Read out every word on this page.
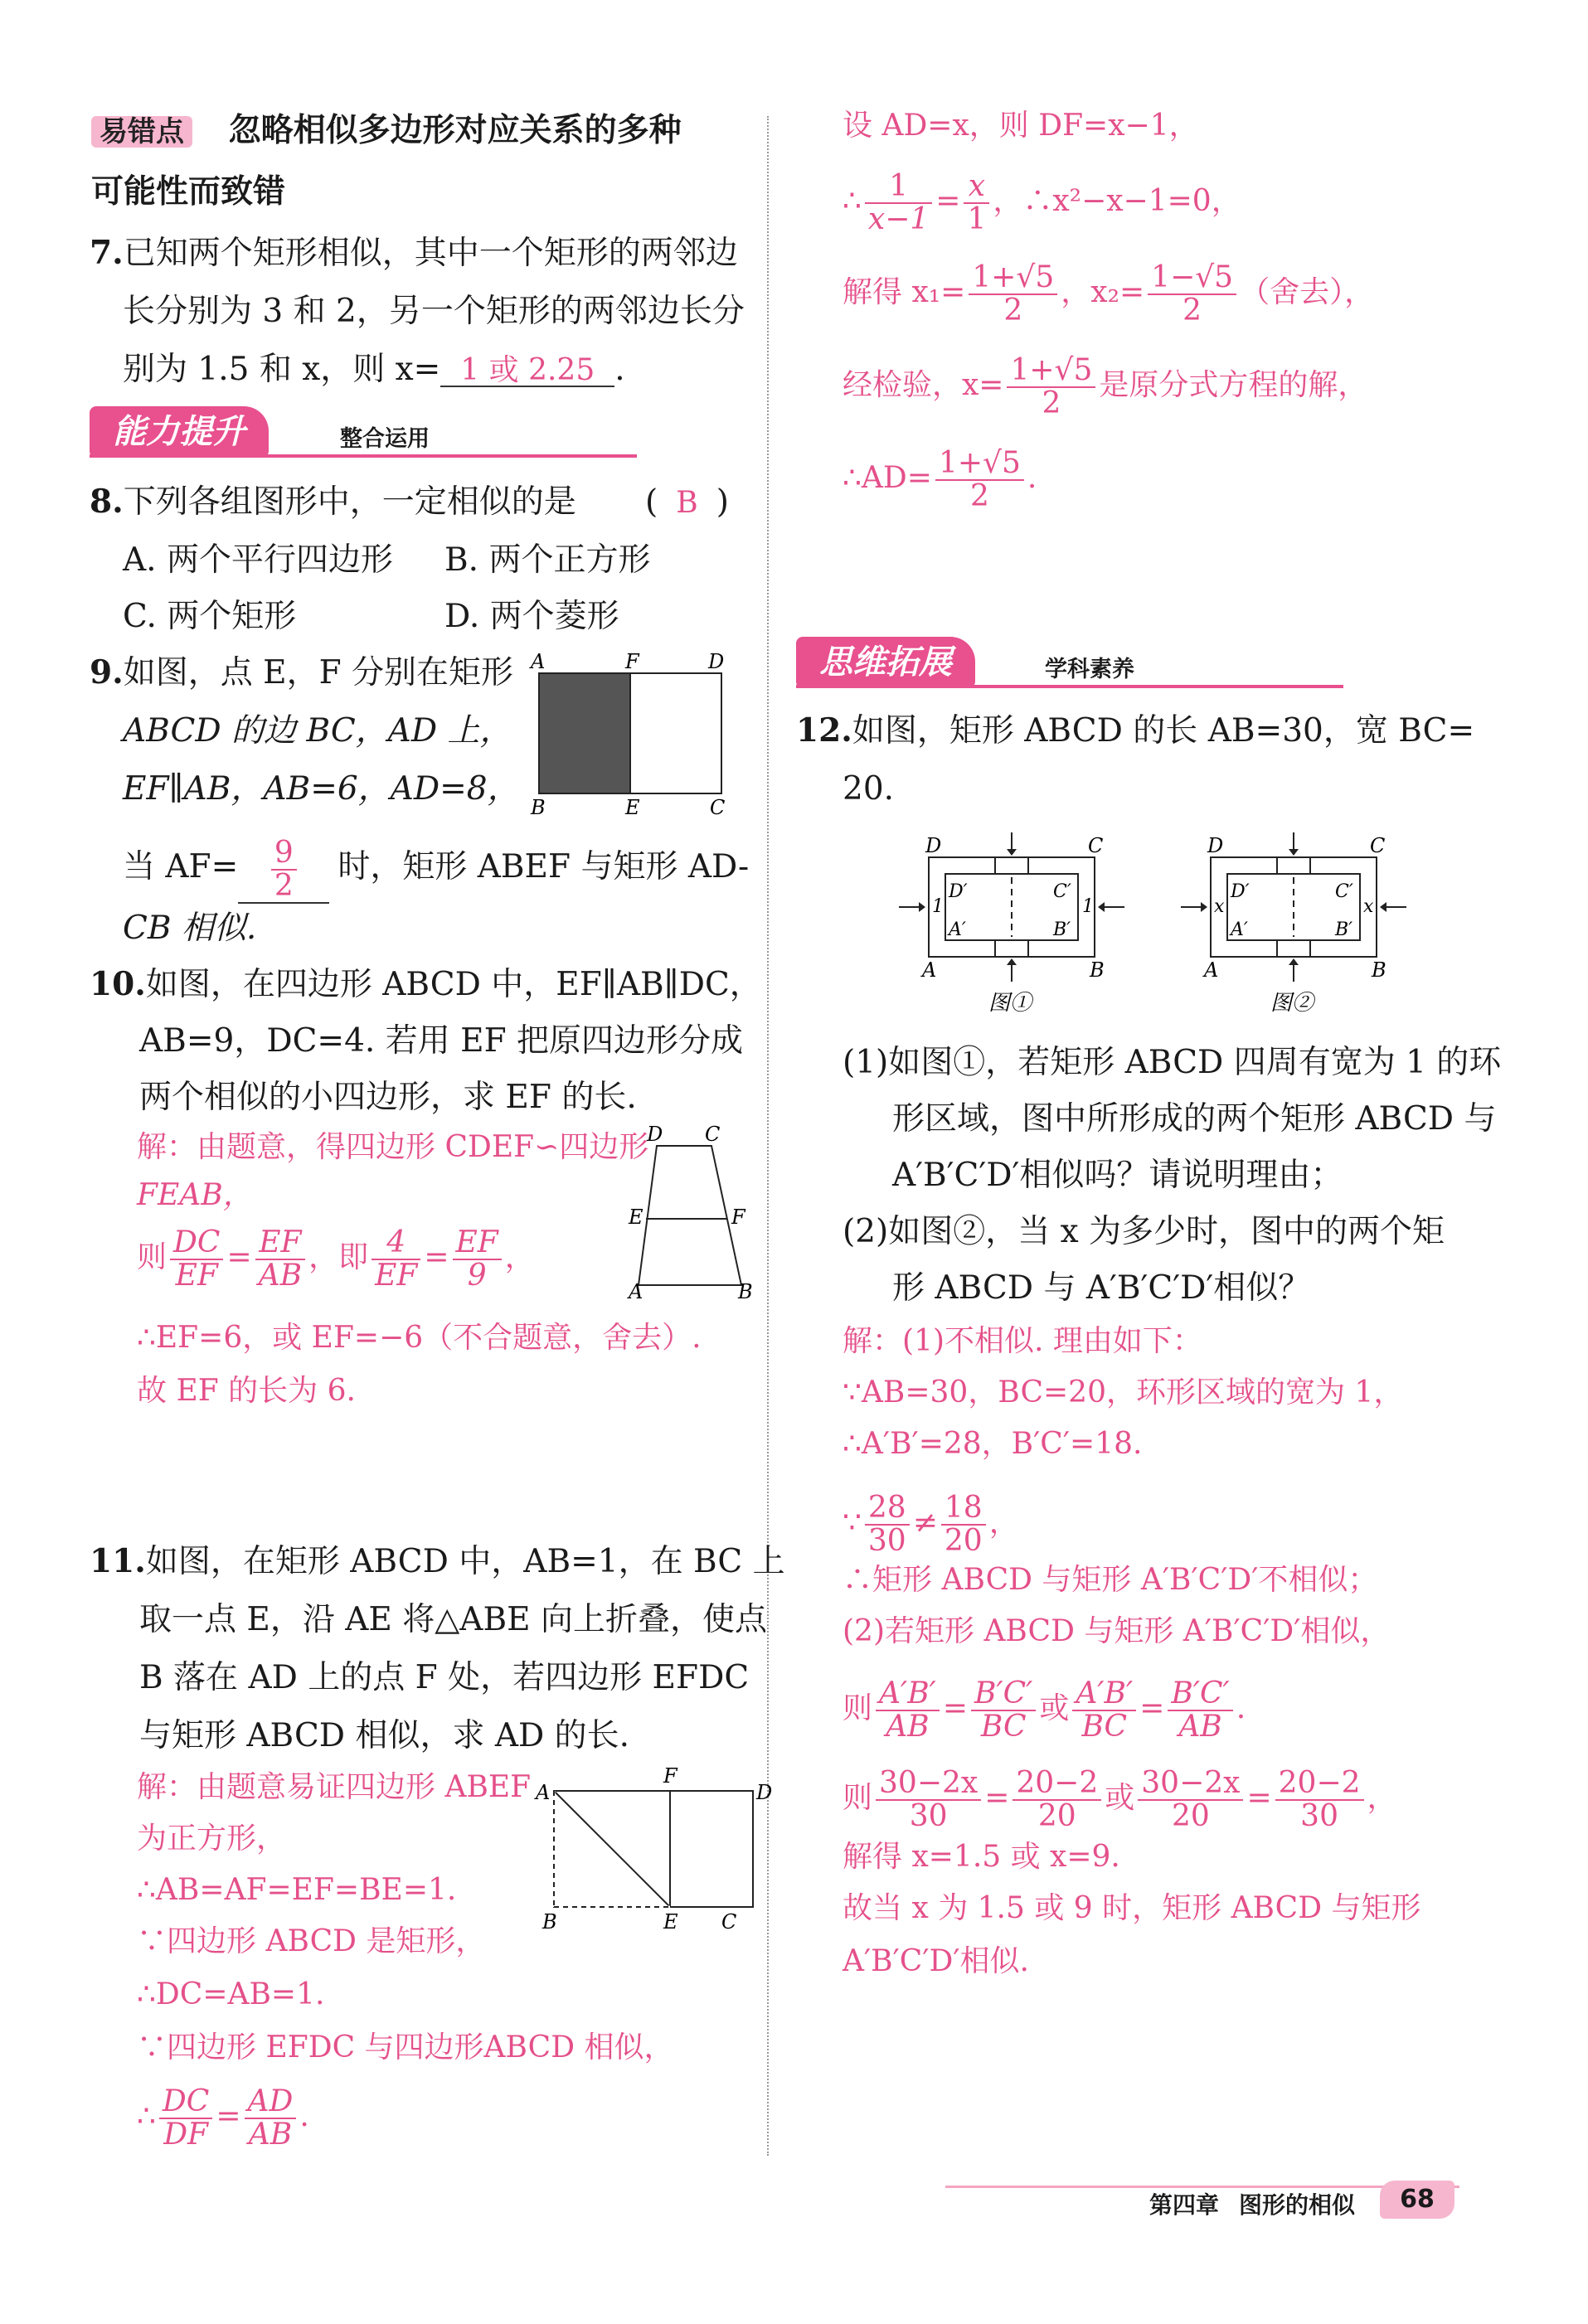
易错点 忽略相似多边形对应关系的多种
可能性而致错
7.已知两个矩形相似，其中一个矩形的两邻边
长分别为 3 和 2，另一个矩形的两邻边长分
别为 1.5 和 x，则 x= 1 或 2.25 .
能力提升	整合运用
8.下列各组图形中，一定相似的是 ( B )
A. 两个平行四边形 B. 两个正方形
C. 两个矩形	D. 两个菱形
9.如图，点 E，F 分别在矩形
ABCD 的边 BC，AD 上，
EF∥AB，AB=6，AD=8，
当 $AF= \frac{9}{2}$ 时，矩形 ABEF 与矩形 AD-
CB 相似.
A	F	D
B	E	C
10.如图，在四边形 ABCD 中，EF∥AB∥DC，
AB=9，DC=4. 若用 EF 把原四边形分成
两个相似的小四边形，求 EF 的长.
解：由题意，得四边形 CDEF∽四边形
FEAB，
则 $\frac{DC}{EF} = \frac{EF}{AB}$ ，即 $\frac{4}{EF} = \frac{EF}{9}$ ，
∴EF=6，或 EF=−6（不合题意，舍去）.
故 EF 的长为 6.
D C
E	F
A	B
11.如图，在矩形 ABCD 中，AB=1，在 BC 上
取一点 E，沿 AE 将△ABE 向上折叠，使点
B 落在 AD 上的点 F 处，若四边形 EFDC
与矩形 ABCD 相似，求 AD 的长.
解：由题意易证四边形 ABEF
为正方形，
∴AB=AF=EF=BE=1.
∵四边形 ABCD 是矩形，
∴DC=AB=1.
∵四边形 EFDC 与四边形ABCD 相似，
∴ $\frac{DC}{DF} = \frac{AD}{AB}$ .
A
F
D
B	E C
设 AD=x，则 DF=x−1，
∴ $\frac{1}{x-1} = \frac{x}{1}$ ，∴x²−x−1=0，
解得 $x_1= \frac{1+√5}{2}$ ，$x_2= \frac{1-√5}{2}$ （舍去），
经检验，$x= \frac{1+√5}{2}$ 是原分式方程的解，
∴AD= $\frac{1+√5}{2}$ .
思维拓展	学科素养
12.如图，矩形 ABCD 的长 AB=30，宽 BC=
20.
1	1
D	C
A	B
D′	C′
A′	B′
图①
x	x
D	C
A	B
D′	C′
A′	B′
图②
(1)如图①，若矩形 ABCD 四周有宽为 1 的环
形区域，图中所形成的两个矩形 ABCD 与
A′B′C′D′相似吗？请说明理由；
(2)如图②，当 x 为多少时，图中的两个矩
形 ABCD 与 A′B′C′D′相似？
解：(1)不相似. 理由如下：
∵AB=30，BC=20，环形区域的宽为 1，
∴A′B′=28，B′C′=18.
∵ $\frac{28}{30} \ne \frac{18}{20}$ ，
∴矩形 ABCD 与矩形 A′B′C′D′不相似；
(2)若矩形 ABCD 与矩形 A′B′C′D′相似，
则 $\frac{A'B'}{AB} = \frac{B'C'}{BC}$ 或 $\frac{A'B'}{BC} = \frac{B'C'}{AB}$ .
则 $\frac{30-2x}{30} = \frac{20-2}{20}$ 或 $\frac{30-2x}{20} = \frac{20-2}{30}$ ，
解得 x=1.5 或 x=9.
故当 x 为 1.5 或 9 时，矩形 ABCD 与矩形
A′B′C′D′相似.
第四章 图形的相似	68
